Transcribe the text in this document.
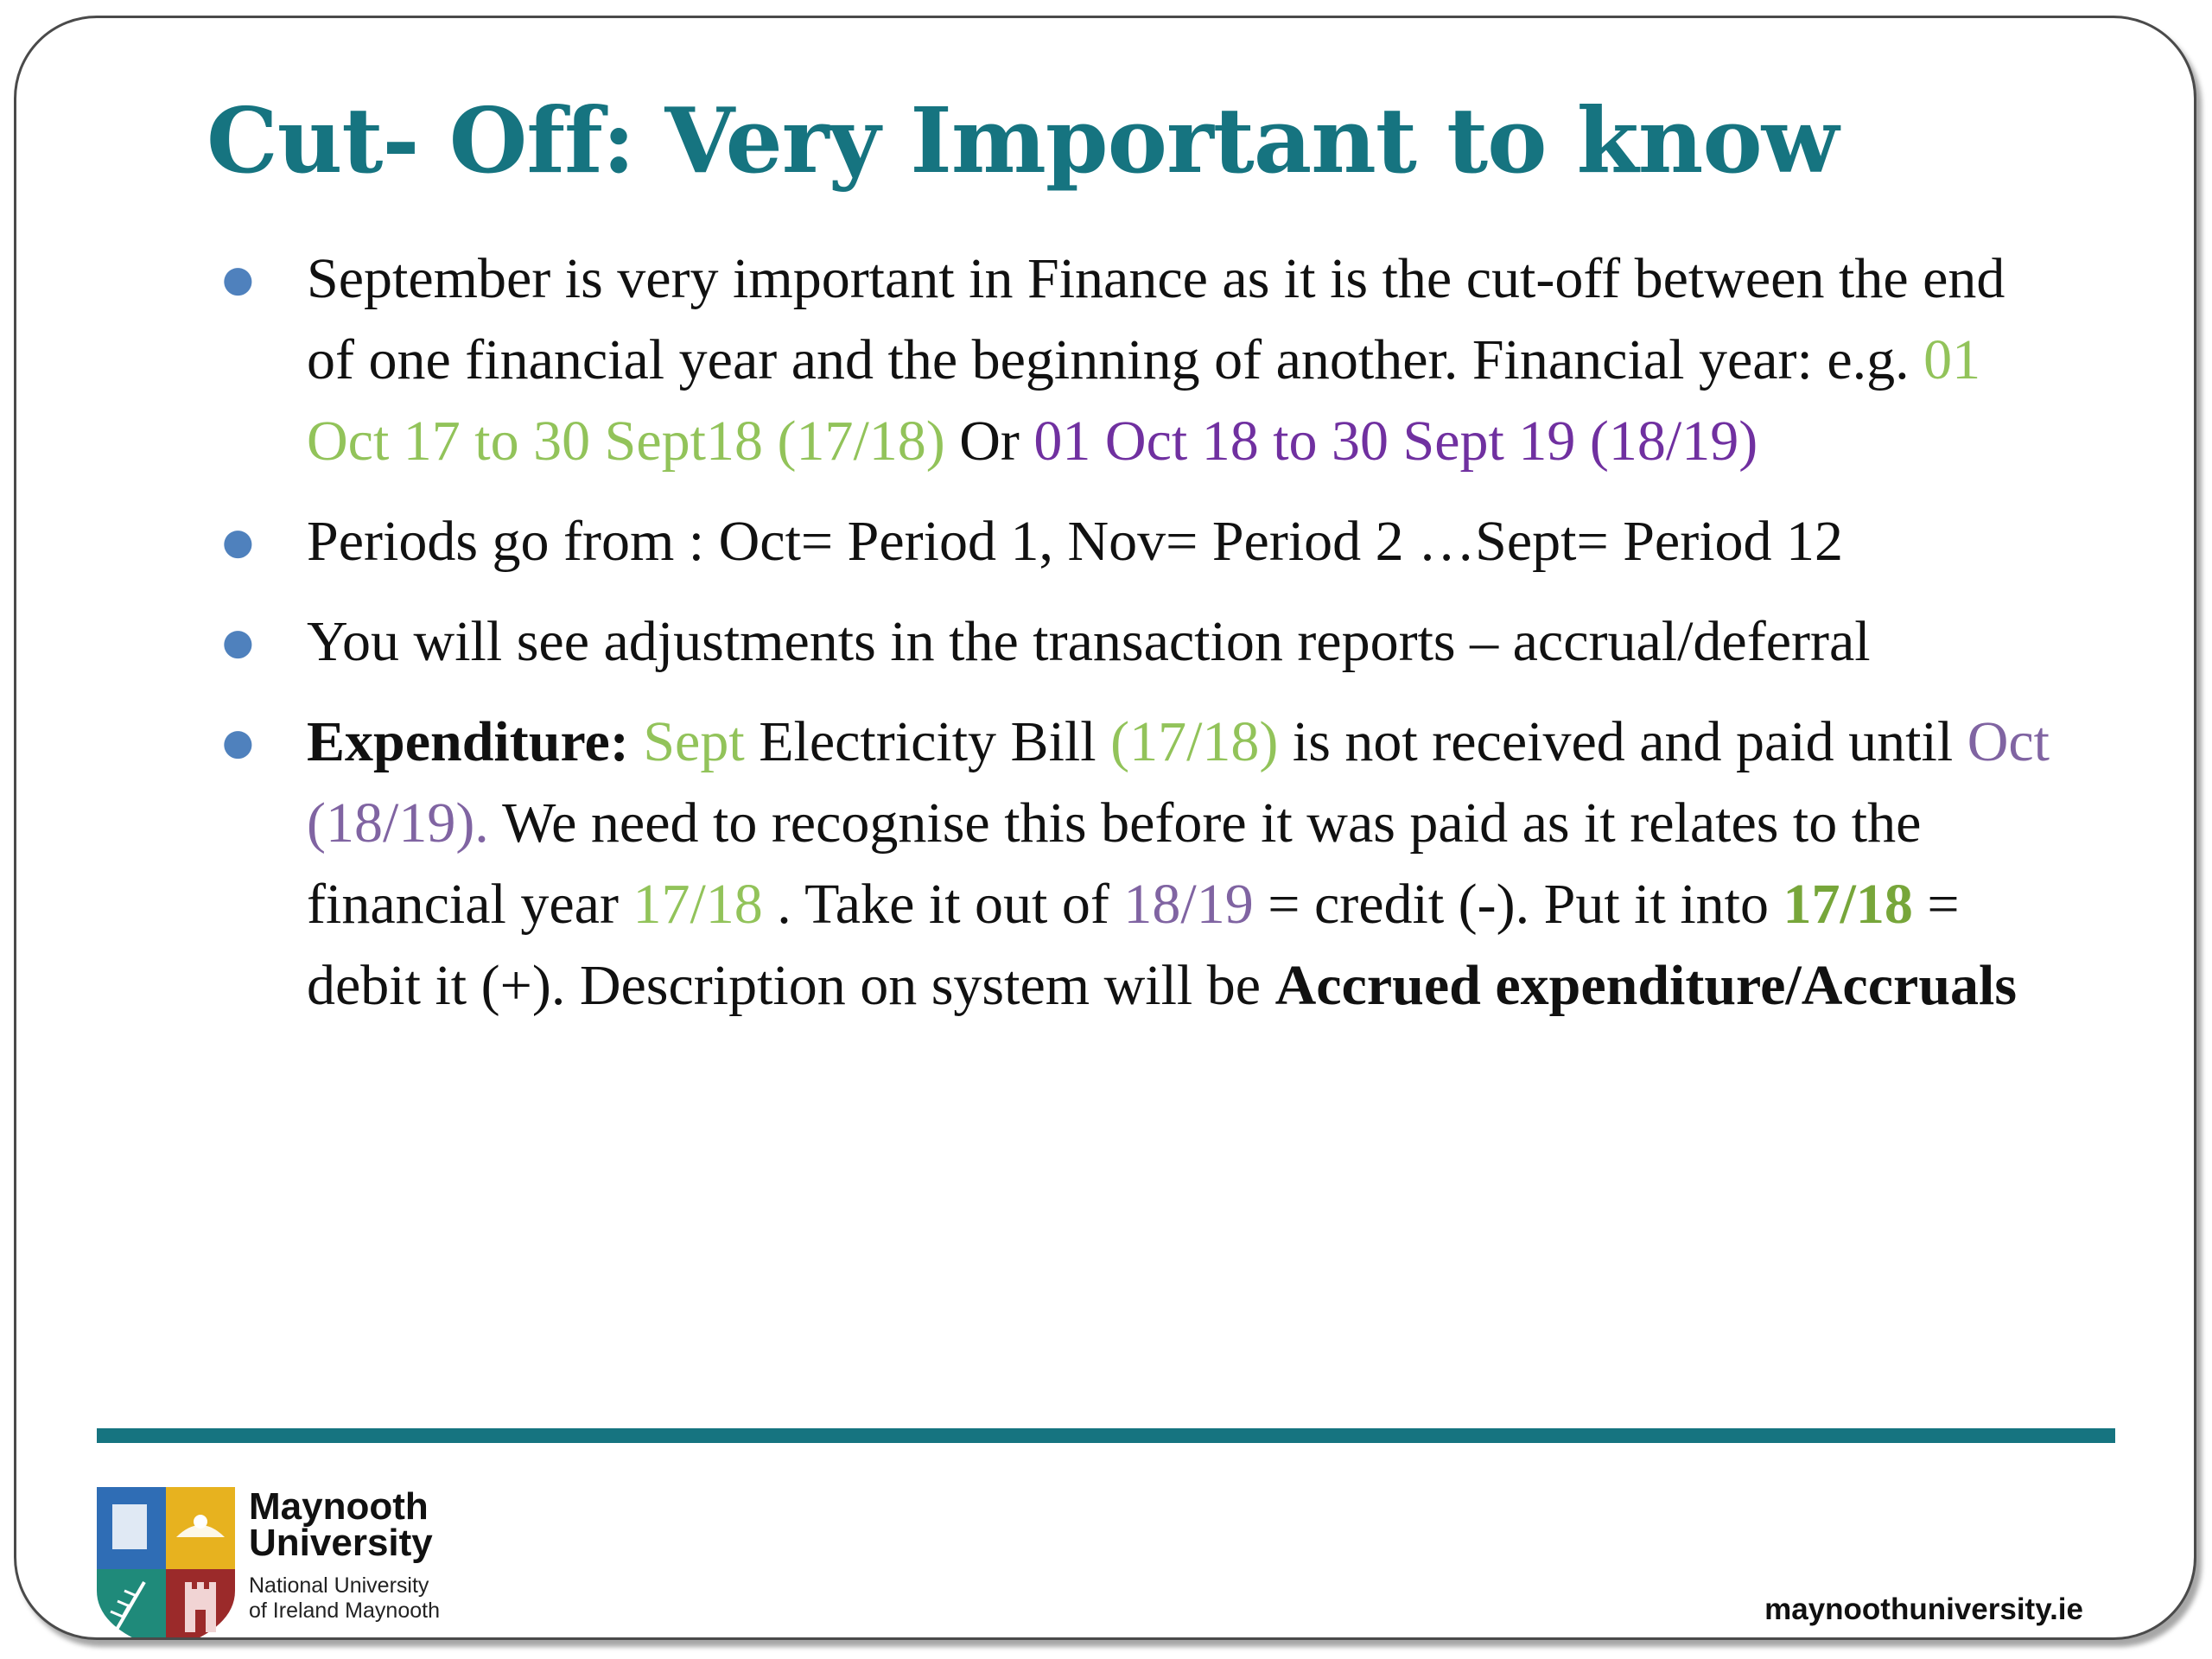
Cut- Off: Very Important to know
● September is very important in Finance as it is the cut-off between the end of one financial year and the beginning of another. Financial year: e.g. 01 Oct 17 to 30 Sept18 (17/18) Or 01 Oct 18 to 30 Sept 19 (18/19)
● Periods go from : Oct= Period 1, Nov= Period 2 …Sept= Period 12
● You will see adjustments in the transaction reports – accrual/deferral
● Expenditure: Sept Electricity Bill (17/18) is not received and paid until Oct (18/19). We need to recognise this before it was paid as it relates to the financial year 17/18 . Take it out of 18/19 = credit (-). Put it into 17/18 = debit it (+). Description on system will be Accrued expenditure/Accruals
Maynooth
University
National University
of Ireland Maynooth	maynoothuniversity.ie
